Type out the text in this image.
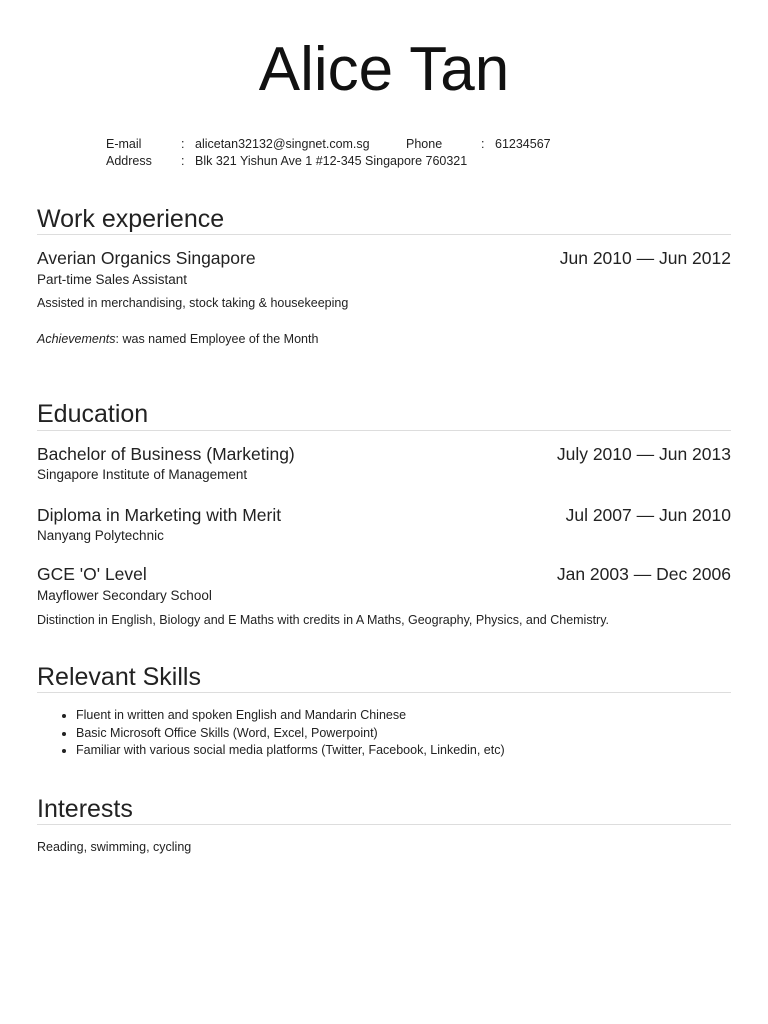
Alice Tan
E-mail	: alicetan32132@singnet.com.sg	Phone	: 61234567
Address : Blk 321 Yishun Ave 1 #12-345 Singapore 760321
Work experience
Averian Organics Singapore	Jun 2010 — Jun 2012
Part-time Sales Assistant
Assisted in merchandising, stock taking & housekeeping
Achievements: was named Employee of the Month
Education
Bachelor of Business (Marketing)	July 2010 — Jun 2013
Singapore Institute of Management
Diploma in Marketing with Merit	Jul 2007 — Jun 2010
Nanyang Polytechnic
GCE 'O' Level	Jan 2003 — Dec 2006
Mayflower Secondary School
Distinction in English, Biology and E Maths with credits in A Maths, Geography, Physics, and Chemistry.
Relevant Skills
• Fluent in written and spoken English and Mandarin Chinese
• Basic Microsoft Office Skills (Word, Excel, Powerpoint)
• Familiar with various social media platforms (Twitter, Facebook, Linkedin, etc)
Interests
Reading, swimming, cycling
